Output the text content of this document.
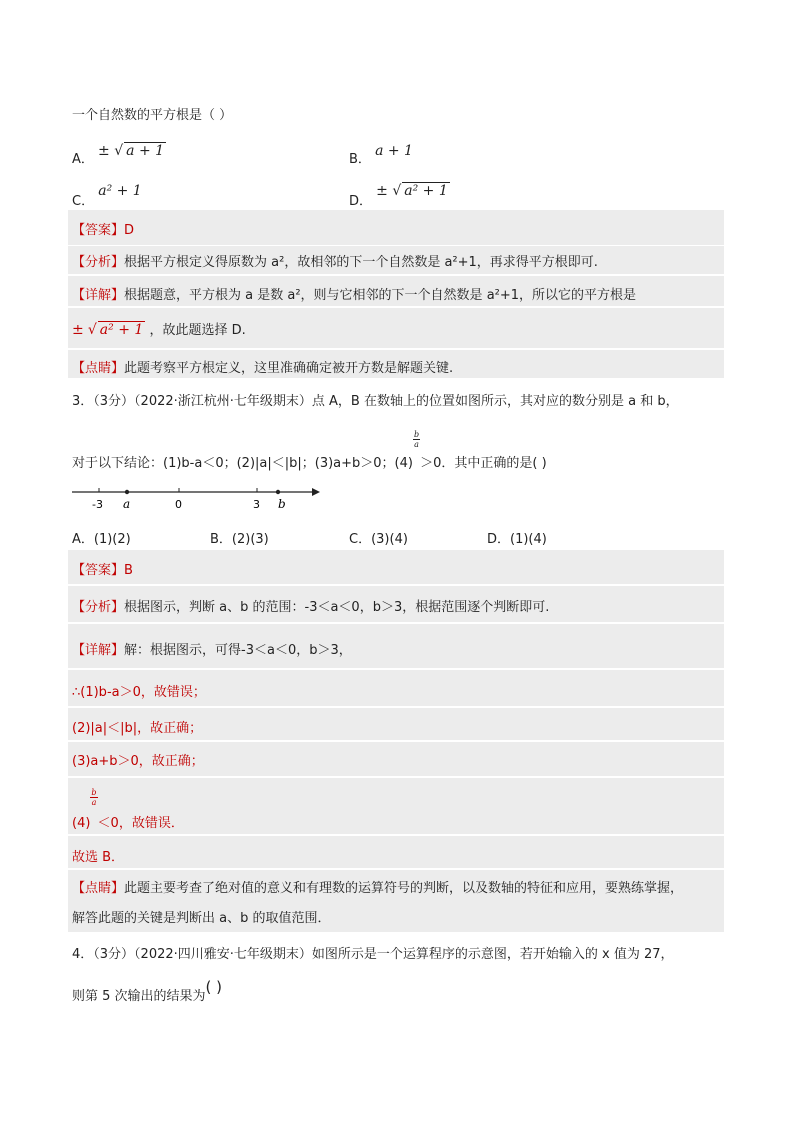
一个自然数的平方根是（ ）
A． ± √ a + 1
B． a + 1
C． a² + 1
D． ± √ a² + 1
【答案】D
【分析】根据平方根定义得原数为 a²，故相邻的下一个自然数是 a²+1，再求得平方根即可.
【详解】根据题意，平方根为 a 是数 a²，则与它相邻的下一个自然数是 a²+1，所以它的平方根是
± √ a² + 1 ，故此题选择 D.
【点睛】此题考察平方根定义，这里准确确定被开方数是解题关键.
3．（3分）（2022·浙江杭州·七年级期末）点 A，B 在数轴上的位置如图所示，其对应的数分别是 a 和 b，
对于以下结论：(1)b-a＜0；(2)|a|＜|b|；(3)a+b＞0；(4)
$\frac{b}{a}$
＞0．其中正确的是( )
-3 a	0	3 b
A．(1)(2)	B．(2)(3)	C．(3)(4)	D．(1)(4)
【答案】B
【分析】根据图示，判断 a、b 的范围：-3＜a＜0，b＞3，根据范围逐个判断即可.
【详解】解：根据图示，可得-3＜a＜0，b＞3，
∴(1)b-a＞0，故错误；
(2)|a|＜|b|，故正确；
(3)a+b＞0，故正确；
(4)
$\frac{b}{a}$
＜0，故错误．
故选 B．
【点睛】此题主要考查了绝对值的意义和有理数的运算符号的判断，以及数轴的特征和应用，要熟练掌握，
解答此题的关键是判断出 a、b 的取值范围．
4．（3分）（2022·四川雅安·七年级期末）如图所示是一个运算程序的示意图，若开始输入的 x 值为 27，
则第 5 次输出的结果为( )
